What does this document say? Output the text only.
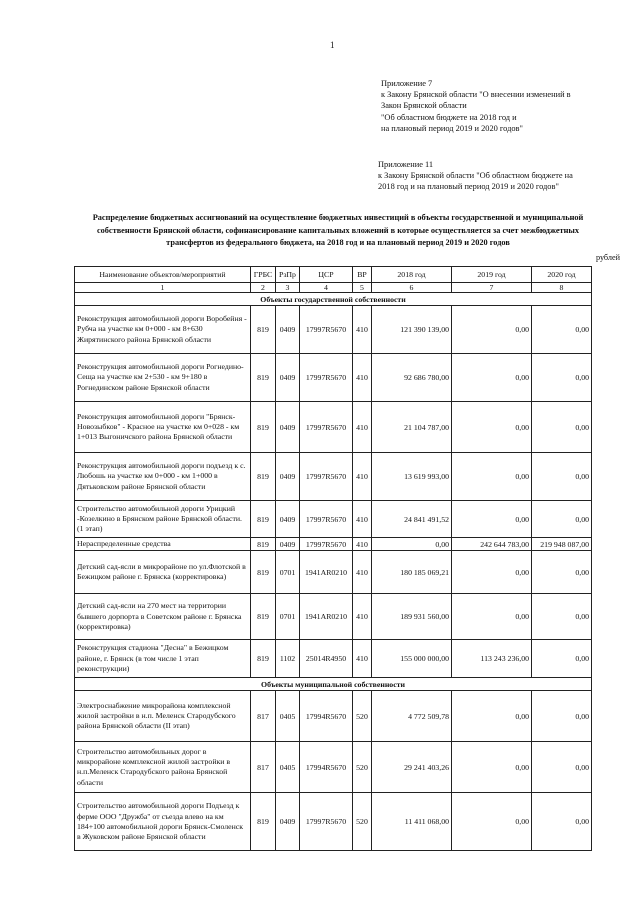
1
Приложение 7
к Закону Брянской области "О внесении изменений в
Закон Брянской области
"Об областном бюджете на 2018 год и
на плановый период 2019 и 2020 годов"
Приложение 11
к Закону Брянской области "Об областном бюджете на
2018 год и на плановый период 2019 и 2020 годов"
Распределение бюджетных ассигнований на осуществление бюджетных инвестиций в объекты государственной и муниципальной
собственности Брянской области, софинансирование капитальных вложений в которые осуществляется за счет межбюджетных
трансфертов из федерального бюджета, на 2018 год и на плановый период 2019 и 2020 годов
рублей
Наименование объектов/мероприятий	ГРБС	РзПр	ЦСР	ВР	2018 год	2019 год	2020 год
1	2	3	4	5	6	7	8
Объекты государственной собственности							
Реконструкция автомобильной дороги Воробейня - Рубча на участке км 0+000 - км 8+630 Жирятинского района Брянской области	819	0409	17997R5670	410	121 390 139,00	0,00	0,00
Реконструкция автомобильной дороги Рогнедино-Сеща на участке км 2+530 - км 9+180 в Рогнединском районе Брянской области	819	0409	17997R5670	410	92 686 780,00	0,00	0,00
Реконструкция автомобильной дороги "Брянск-Новозыбков" - Красное на участке км 0+028 - км 1+013 Выгоничского района Брянской области	819	0409	17997R5670	410	21 104 787,00	0,00	0,00
Реконструкция автомобильной дороги подъезд к с. Любошь на участке км 0+000 - км 1+000 в Дятьковском районе Брянской области	819	0409	17997R5670	410	13 619 993,00	0,00	0,00
Строительство автомобильной дороги Урицкий -Козелкино в Брянском районе Брянской области. (1 этап)	819	0409	17997R5670	410	24 841 491,52	0,00	0,00
Нераспределенные средства	819	0409	17997R5670	410	0,00	242 644 783,00	219 948 087,00
Детский сад-ясли в микрорайоне по ул.Флотской в Бежицком районе г. Брянска (корректировка)	819	0701	1941AR0210	410	180 185 069,21	0,00	0,00
Детский сад-ясли на 270 мест на территории бывшего дорпорта в Советском районе г. Брянска (корректировка)	819	0701	1941AR0210	410	189 931 560,00	0,00	0,00
Реконструкция стадиона "Десна" в Бежицком районе, г. Брянск (в том числе 1 этап реконструкции)	819	1102	25014R4950	410	155 000 000,00	113 243 236,00	0,00
Объекты муниципальной собственности							
Электроснабжение микрорайона комплексной жилой застройки в н.п. Меленск Стародубского района Брянской области (II этап)	817	0405	17994R5670	520	4 772 509,78	0,00	0,00
Строительство автомобильных дорог в микрорайоне комплексной жилой застройки в н.п.Меленск Стародубского района Брянской области	817	0405	17994R5670	520	29 241 403,26	0,00	0,00
Строительство автомобильной дороги Подъезд к ферме ООО "Дружба" от съезда влево на км 184+100 автомобильной дороги Брянск-Смоленск в Жуковском районе Брянской области	819	0409	17997R5670	520	11 411 068,00	0,00	0,00
